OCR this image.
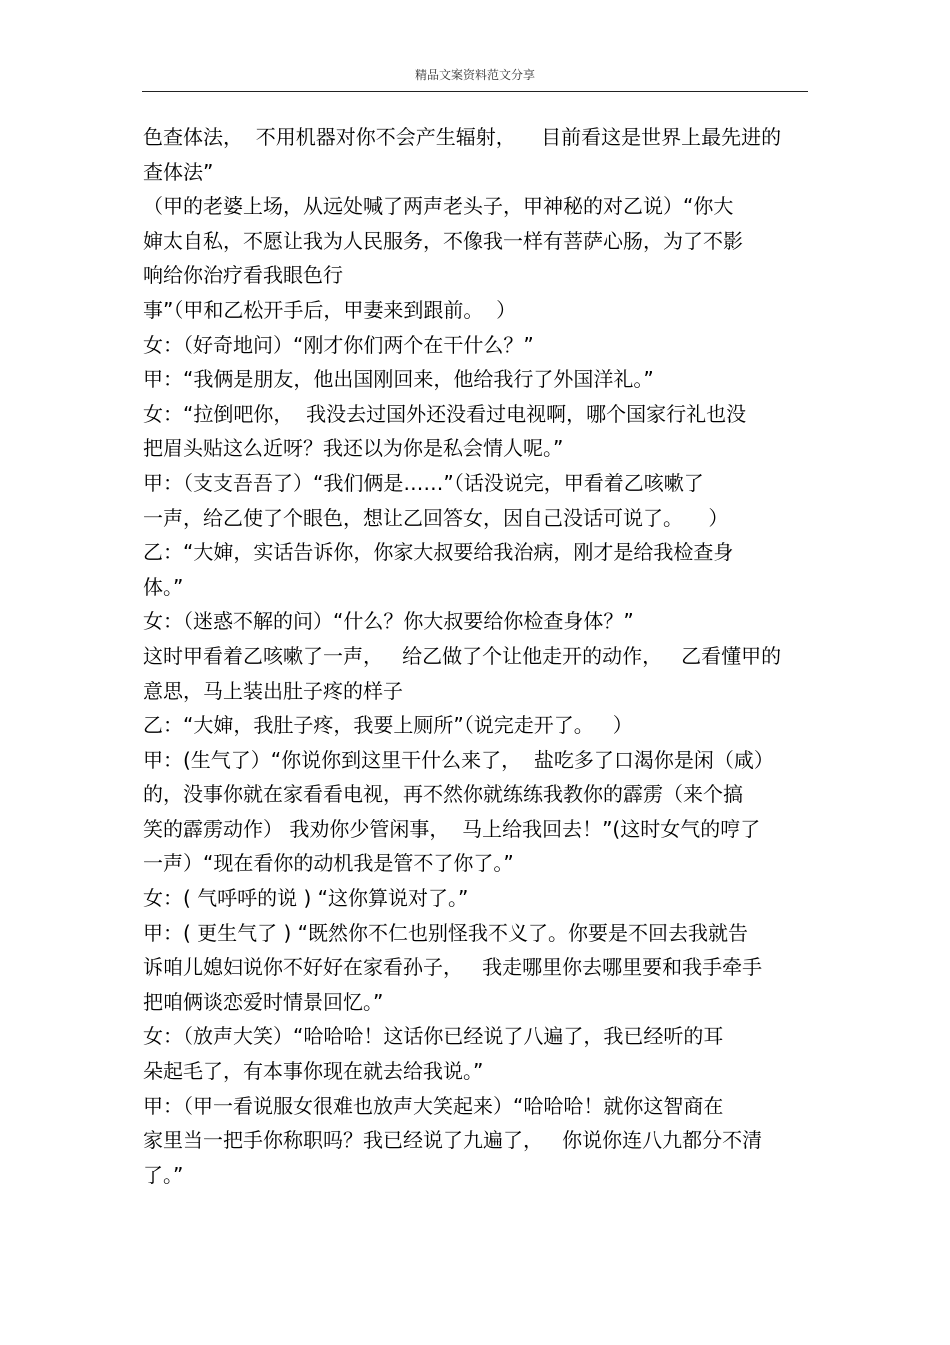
精品文案资料范文分享
色查体法，  不用机器对你不会产生辐射，    目前看这是世界上最先进的
查体法”
（甲的老婆上场，从远处喊了两声老头子，甲神秘的对乙说）“你大
婶太自私，不愿让我为人民服务，不像我一样有菩萨心肠，为了不影
响给你治疗看我眼色行
事”（甲和乙松开手后，甲妻来到跟前。  ）
女：（好奇地问）“刚才你们两个在干什么？”
甲：“我俩是朋友，他出国刚回来，他给我行了外国洋礼。”
女：“拉倒吧你，  我没去过国外还没看过电视啊，哪个国家行礼也没
把眉头贴这么近呀？我还以为你是私会情人呢。”
甲：（支支吾吾了）“我们俩是……”（话没说完，甲看着乙咳嗽了
一声，给乙使了个眼色，想让乙回答女，因自己没话可说了。    ）
乙：“大婶，实话告诉你，你家大叔要给我治病，刚才是给我检查身
体。”
女：（迷惑不解的问）“什么？你大叔要给你检查身体？”
这时甲看着乙咳嗽了一声，   给乙做了个让他走开的动作，   乙看懂甲的
意思，马上装出肚子疼的样子
乙：“大婶，我肚子疼，我要上厕所”（说完走开了。   ）
甲：(生气了）“你说你到这里干什么来了，  盐吃多了口渴你是闲（咸）
的，没事你就在家看看电视，再不然你就练练我教你的霹雳（来个搞
笑的霹雳动作） 我劝你少管闲事，  马上给我回去！”(这时女气的哼了
一声）“现在看你的动机我是管不了你了。”
女：( 气呼呼的说 ) “这你算说对了。”
甲：( 更生气了 ) “既然你不仁也别怪我不义了。你要是不回去我就告
诉咱儿媳妇说你不好好在家看孙子，   我走哪里你去哪里要和我手牵手
把咱俩谈恋爱时情景回忆。”
女：（放声大笑）“哈哈哈！这话你已经说了八遍了，我已经听的耳
朵起毛了，有本事你现在就去给我说。”
甲：（甲一看说服女很难也放声大笑起来）“哈哈哈！就你这智商在
家里当一把手你称职吗？我已经说了九遍了，   你说你连八九都分不清
了。”
